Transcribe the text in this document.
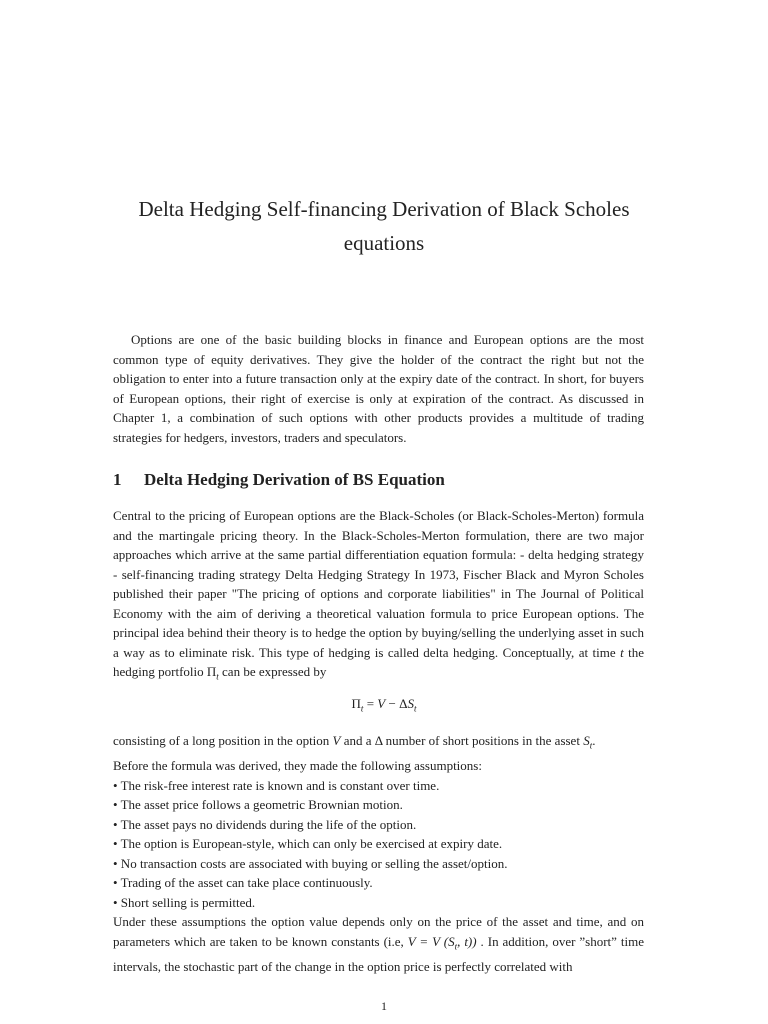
Delta Hedging Self-financing Derivation of Black Scholes
equations
Options are one of the basic building blocks in finance and European options are the most common type of equity derivatives. They give the holder of the contract the right but not the obligation to enter into a future transaction only at the expiry date of the contract. In short, for buyers of European options, their right of exercise is only at expiration of the contract. As discussed in Chapter 1, a combination of such options with other products provides a multitude of trading strategies for hedgers, investors, traders and speculators.
1 Delta Hedging Derivation of BS Equation
Central to the pricing of European options are the Black-Scholes (or Black-Scholes-Merton) formula and the martingale pricing theory. In the Black-Scholes-Merton formulation, there are two major approaches which arrive at the same partial differentiation equation formula: - delta hedging strategy - self-financing trading strategy Delta Hedging Strategy In 1973, Fischer Black and Myron Scholes published their paper "The pricing of options and corporate liabilities" in The Journal of Political Economy with the aim of deriving a theoretical valuation formula to price European options. The principal idea behind their theory is to hedge the option by buying/selling the underlying asset in such a way as to eliminate risk. This type of hedging is called delta hedging. Conceptually, at time t the hedging portfolio $\Pi_t$ can be expressed by
$\Pi_t = V - \Delta S_t$
consisting of a long position in the option V and a Δ number of short positions in the asset $S_t$.
Before the formula was derived, they made the following assumptions:
• The risk-free interest rate is known and is constant over time.
• The asset price follows a geometric Brownian motion.
• The asset pays no dividends during the life of the option.
• The option is European-style, which can only be exercised at expiry date.
• No transaction costs are associated with buying or selling the asset/option.
• Trading of the asset can take place continuously.
• Short selling is permitted.
Under these assumptions the option value depends only on the price of the asset and time, and on parameters which are taken to be known constants (i.e, V = V ($S_t$, t)) . In addition, over ”short” time intervals, the stochastic part of the change in the option price is perfectly correlated with
1
